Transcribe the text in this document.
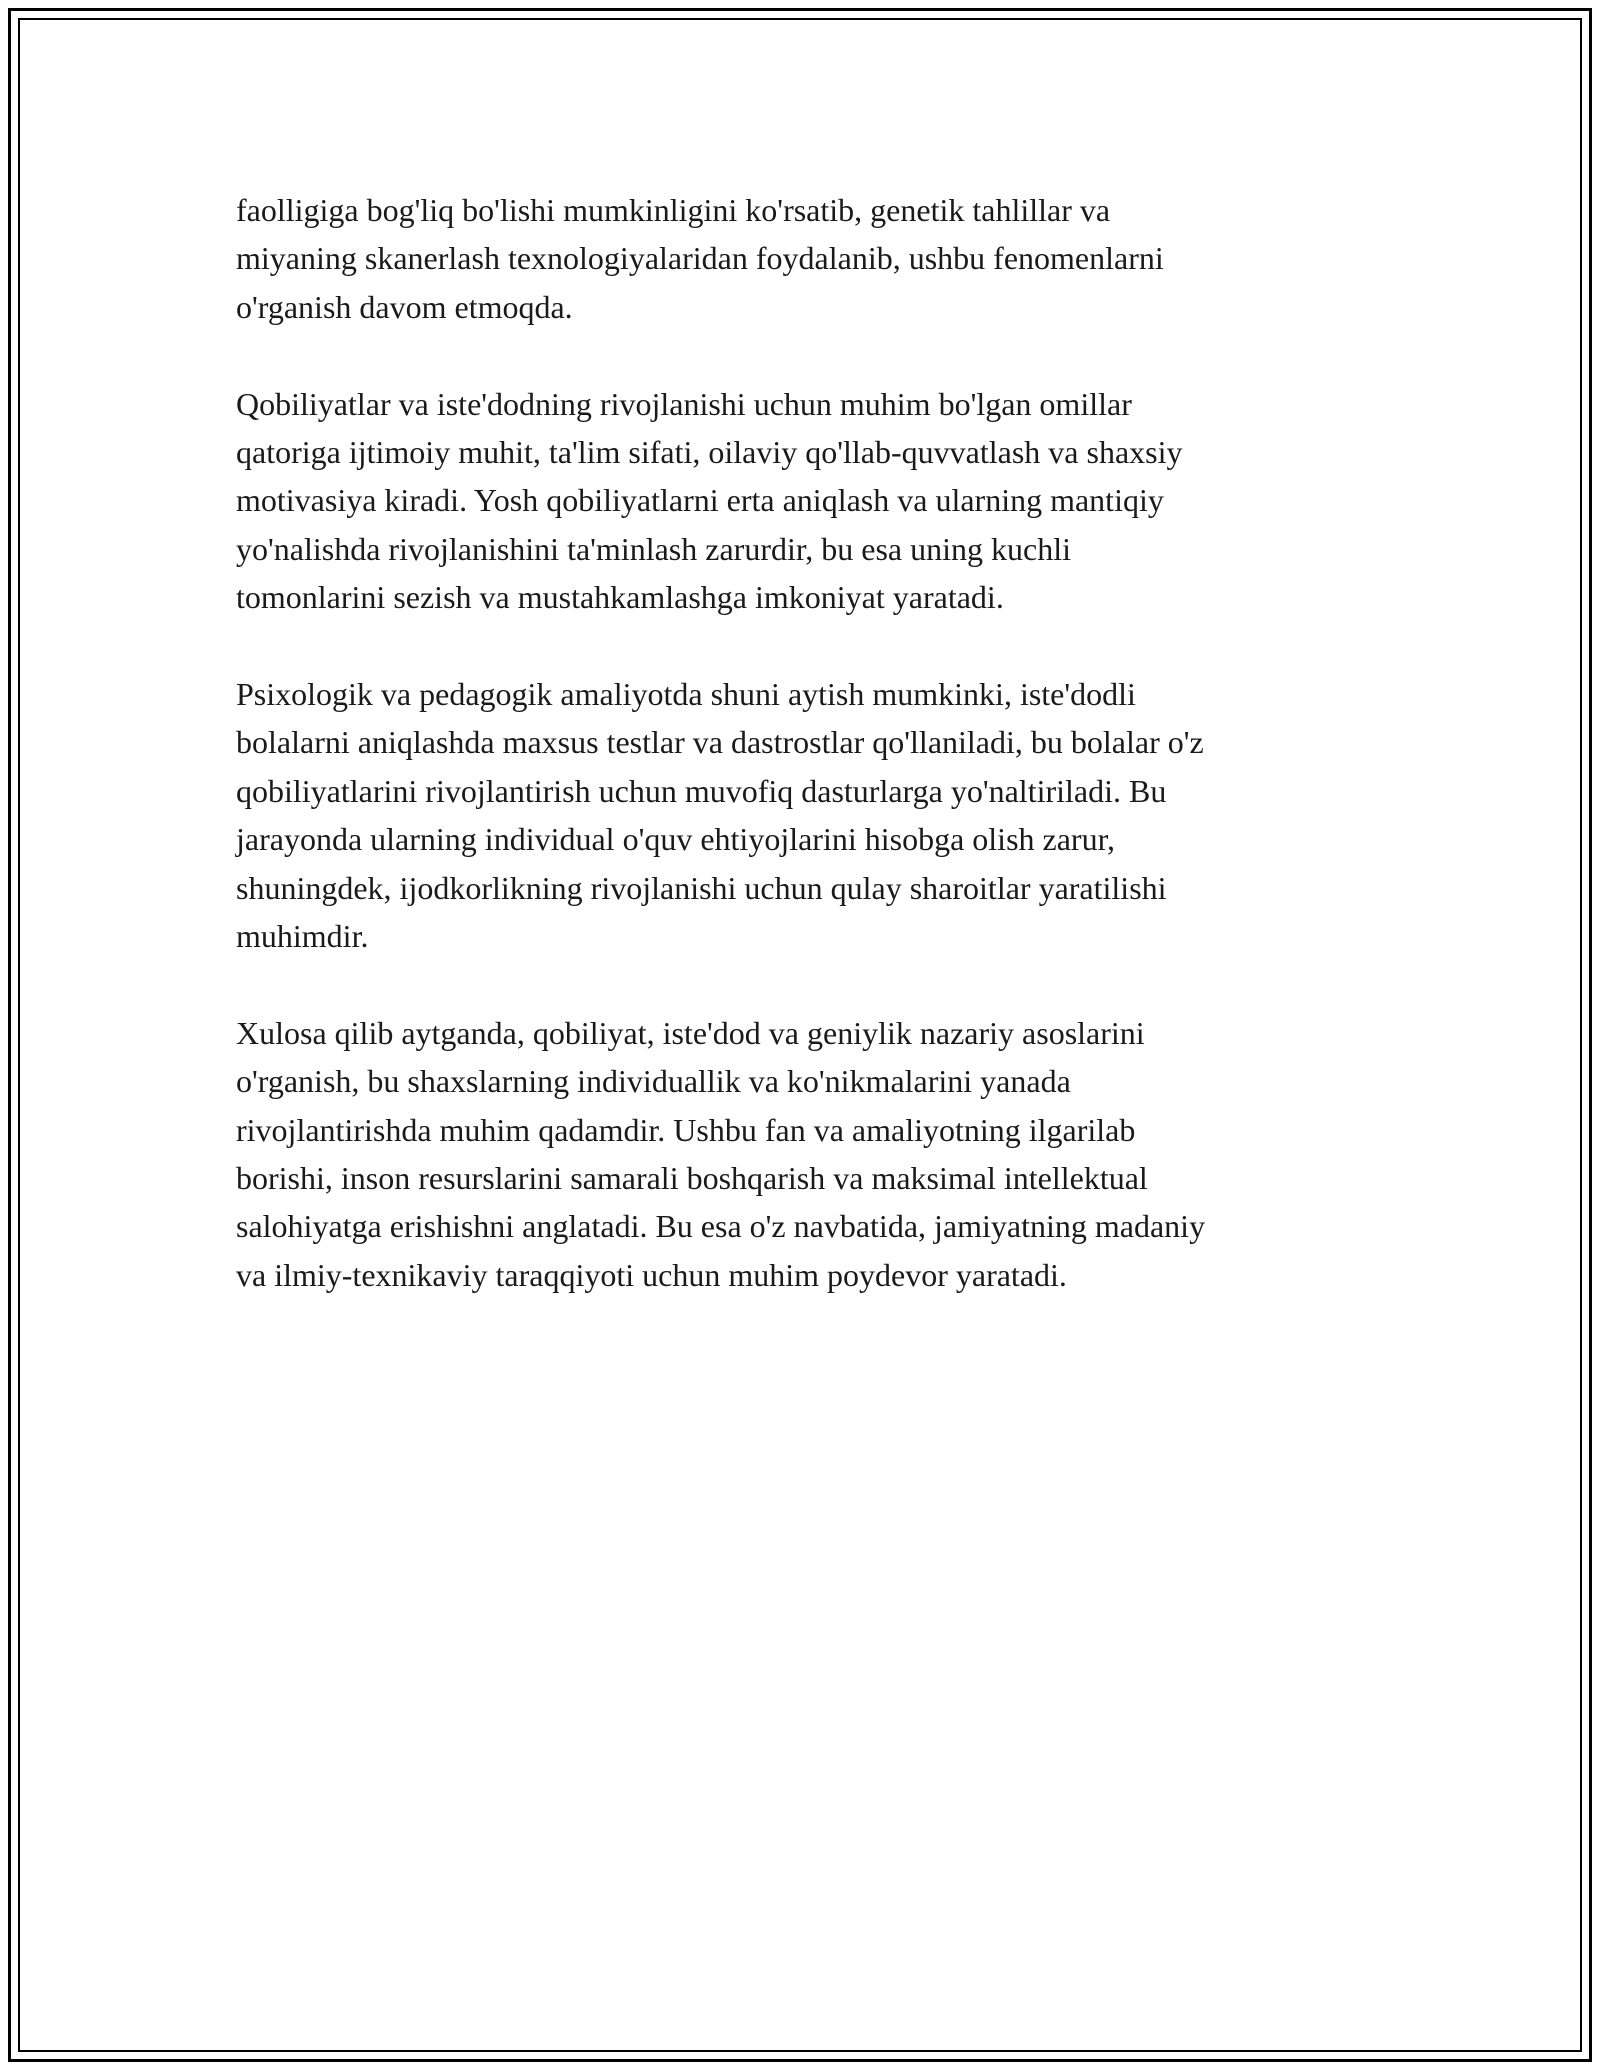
faolligiga bog'liq bo'lishi mumkinligini ko'rsatib, genetik tahlillar va
miyaning skanerlash texnologiyalaridan foydalanib, ushbu fenomenlarni
o'rganish davom etmoqda.

Qobiliyatlar va iste'dodning rivojlanishi uchun muhim bo'lgan omillar
qatoriga ijtimoiy muhit, ta'lim sifati, oilaviy qo'llab-quvvatlash va shaxsiy
motivasiya kiradi. Yosh qobiliyatlarni erta aniqlash va ularning mantiqiy
yo'nalishda rivojlanishini ta'minlash zarurdir, bu esa uning kuchli
tomonlarini sezish va mustahkamlashga imkoniyat yaratadi.

Psixologik va pedagogik amaliyotda shuni aytish mumkinki, iste'dodli
bolalarni aniqlashda maxsus testlar va dastrostlar qo'llaniladi, bu bolalar o'z
qobiliyatlarini rivojlantirish uchun muvofiq dasturlarga yo'naltiriladi. Bu
jarayonda ularning individual o'quv ehtiyojlarini hisobga olish zarur,
shuningdek, ijodkorlikning rivojlanishi uchun qulay sharoitlar yaratilishi
muhimdir.

Xulosa qilib aytganda, qobiliyat, iste'dod va geniylik nazariy asoslarini
o'rganish, bu shaxslarning individuallik va ko'nikmalarini yanada
rivojlantirishda muhim qadamdir. Ushbu fan va amaliyotning ilgarilab
borishi, inson resurslarini samarali boshqarish va maksimal intellektual
salohiyatga erishishni anglatadi. Bu esa o'z navbatida, jamiyatning madaniy
va ilmiy-texnikaviy taraqqiyoti uchun muhim poydevor yaratadi.
